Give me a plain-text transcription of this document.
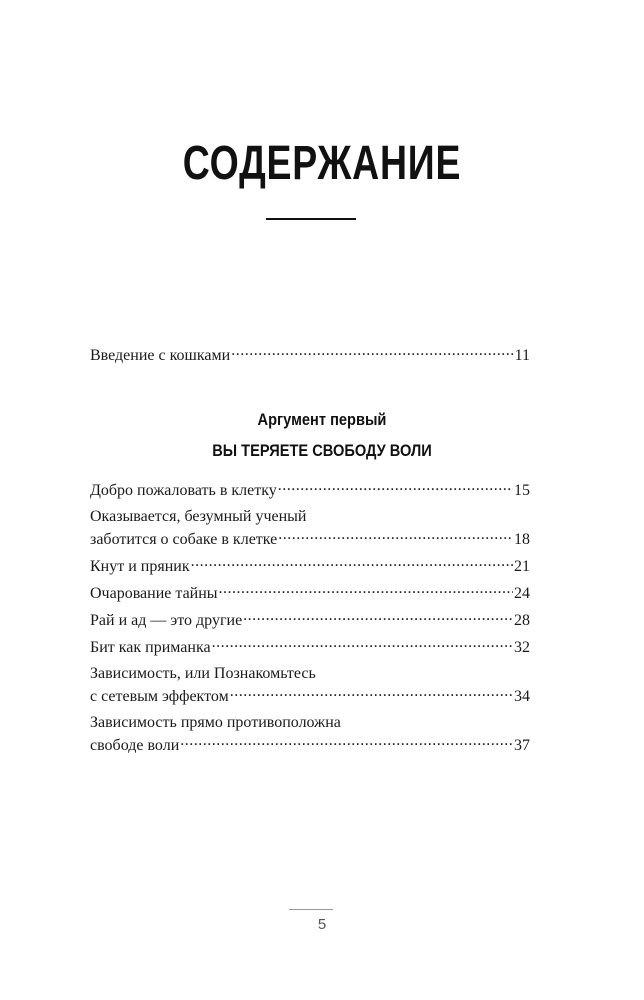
СОДЕРЖАНИЕ
Введение с кошками .....	11
Аргумент первый
ВЫ ТЕРЯЕТЕ СВОБОДУ ВОЛИ
Добро пожаловать в клетку .....	15
Оказывается, безумный ученый
заботится о собаке в клетке .....	18
Кнут и пряник .....	21
Очарование тайны .....	24
Рай и ад — это другие .....	28
Бит как приманка .....	32
Зависимость, или Познакомьтесь
с сетевым эффектом .....	34
Зависимость прямо противоположна
свободе воли .....	37
5
